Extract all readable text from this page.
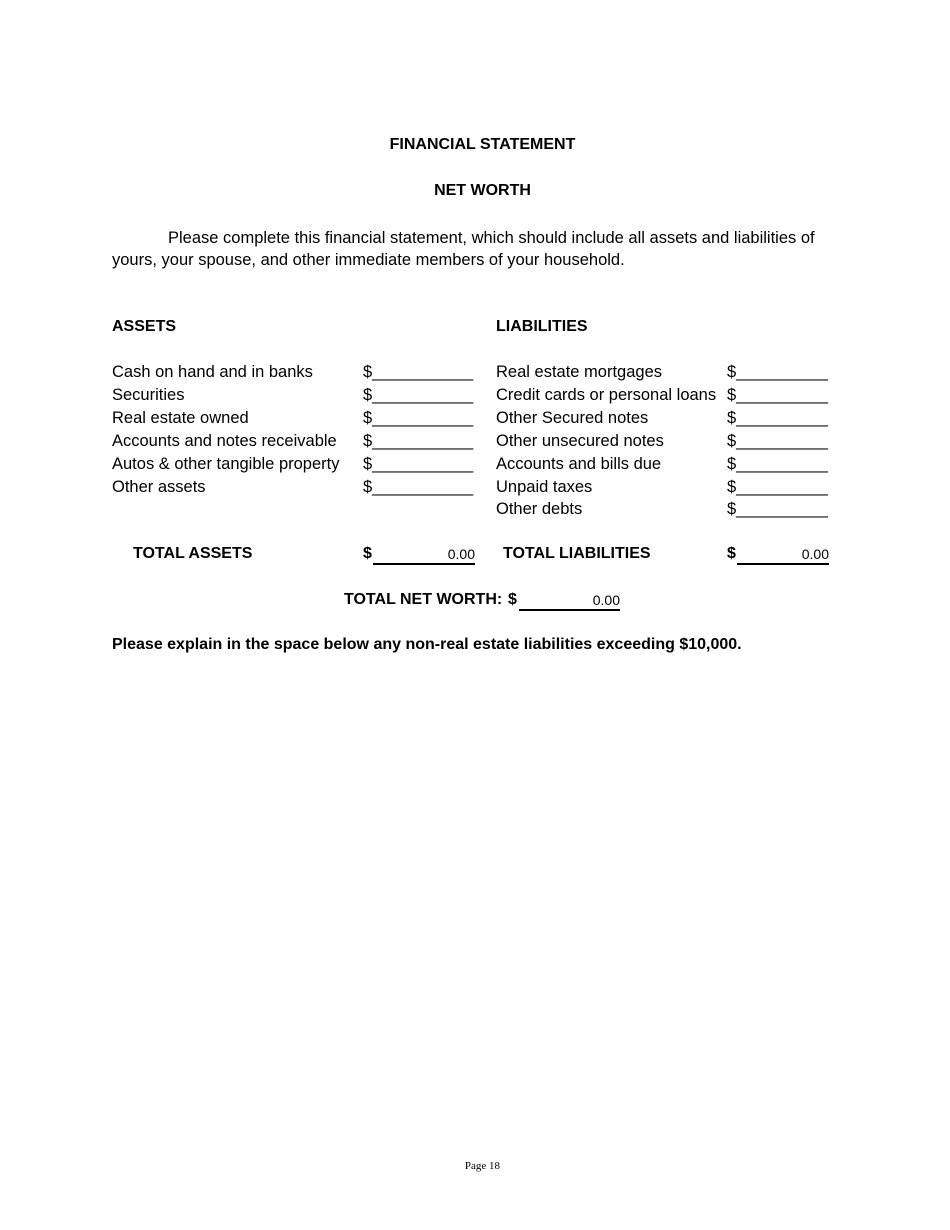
FINANCIAL STATEMENT
NET WORTH
Please complete this financial statement, which should include all assets and liabilities of yours, your spouse, and other immediate members of your household.
ASSETS	LIABILITIES
Cash on hand and in banks	$___________
Securities	$___________
Real estate owned	$___________
Accounts and notes receivable $___________
Autos & other tangible property $___________
Other assets	$___________
Real estate mortgages	$__________
Credit cards or personal loans $__________
Other Secured notes	$__________
Other unsecured notes	$__________
Accounts and bills due	$__________
Unpaid taxes	$__________
Other debts	$__________
TOTAL ASSETS	$	0.00 TOTAL LIABILITIES	$	0.00
TOTAL NET WORTH: $	0.00
Please explain in the space below any non-real estate liabilities exceeding $10,000.
Page 18
